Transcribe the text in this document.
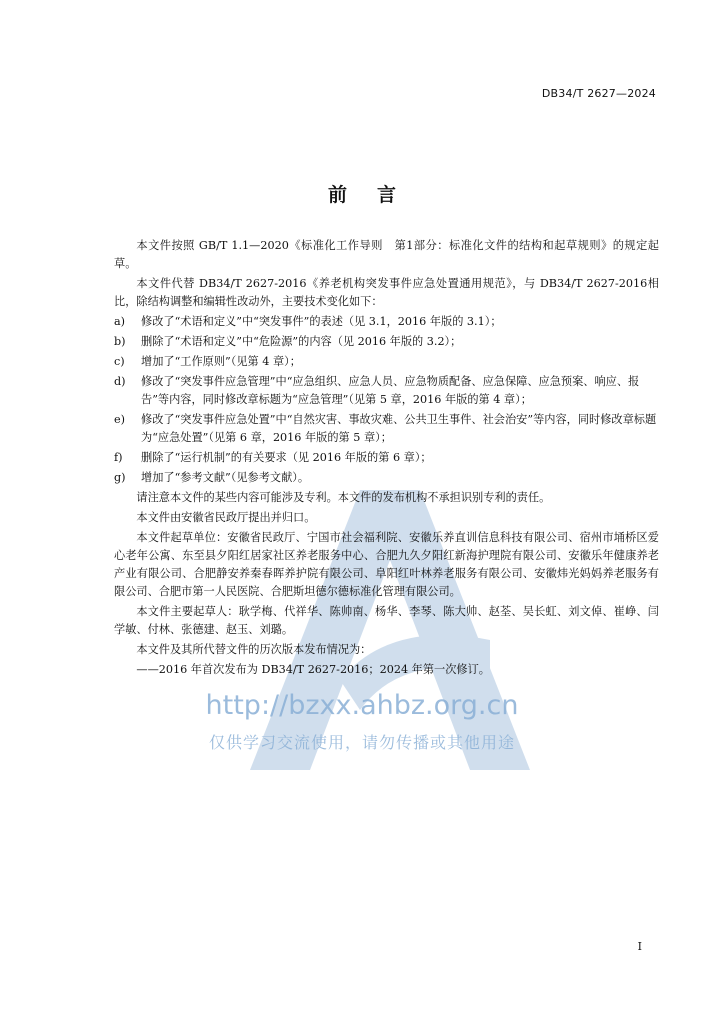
DB34/T 2627—2024
前言

本文件按照 GB/T 1.1—2020《标准化工作导则　第1部分：标准化文件的结构和起草规则》的规定起草。

本文件代替 DB34/T 2627-2016《养老机构突发事件应急处置通用规范》，与 DB34/T 2627-2016相比，除结构调整和编辑性改动外，主要技术变化如下：

a)	修改了“术语和定义”中“突发事件”的表述（见 3.1，2016 年版的 3.1）；
b)	删除了“术语和定义”中“危险源”的内容（见 2016 年版的 3.2）；
c)	增加了“工作原则”（见第 4 章）；
d)	修改了“突发事件应急管理”中“应急组织、应急人员、应急物质配备、应急保障、应急预案、响应、报告”等内容，同时修改章标题为“应急管理”（见第 5 章，2016 年版的第 4 章）；
e)	修改了“突发事件应急处置”中“自然灾害、事故灾难、公共卫生事件、社会治安”等内容，同时修改章标题为“应急处置”（见第 6 章，2016 年版的第 5 章）；
f)	删除了“运行机制”的有关要求（见 2016 年版的第 6 章）；
g)	增加了“参考文献”（见参考文献）。

请注意本文件的某些内容可能涉及专利。本文件的发布机构不承担识别专利的责任。

本文件由安徽省民政厅提出并归口。

本文件起草单位：安徽省民政厅、宁国市社会福利院、安徽乐养直训信息科技有限公司、宿州市埇桥区爱心老年公寓、东至县夕阳红居家社区养老服务中心、合肥九久夕阳红新海护理院有限公司、安徽乐年健康养老产业有限公司、合肥静安养秦春晖养护院有限公司、阜阳红叶林养老服务有限公司、安徽炜光妈妈养老服务有限公司、合肥市第一人民医院、合肥斯坦德尔德标准化管理有限公司。

本文件主要起草人：耿学梅、代祥华、陈帅南、杨华、李琴、陈大帅、赵荃、吴长虹、刘文倬、崔峥、闫学敏、付林、张德建、赵玉、刘璐。

本文件及其所代替文件的历次版本发布情况为：

——2016 年首次发布为 DB34/T 2627-2016；2024 年第一次修订。

http://bzxx.ahbz.org.cn
仅供学习交流使用，请勿传播或其他用途
I
